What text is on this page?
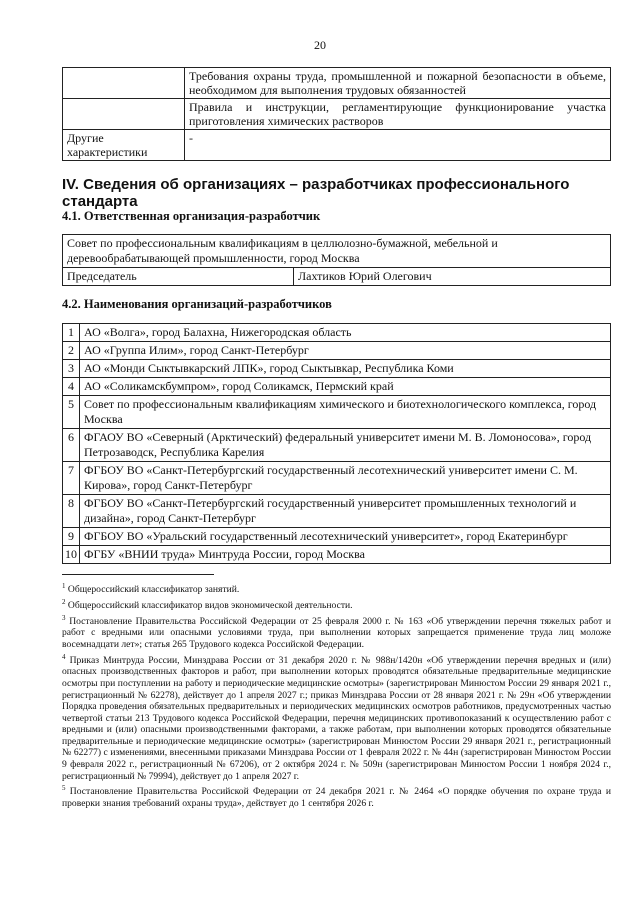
20
	Требования охраны труда, промышленной и пожарной безопасности в объеме, необходимом для выполнения трудовых обязанностей
	Правила и инструкции, регламентирующие функционирование участка приготовления химических растворов
Другие характеристики	-
IV. Сведения об организациях – разработчиках профессионального стандарта
4.1. Ответственная организация-разработчик
Совет по профессиональным квалификациям в целлюлозно-бумажной, мебельной и деревообрабатывающей промышленности, город Москва
Председатель	Лахтиков Юрий Олегович
4.2. Наименования организаций-разработчиков
1	АО «Волга», город Балахна, Нижегородская область
2	АО «Группа Илим», город Санкт-Петербург
3	АО «Монди Сыктывкарский ЛПК», город Сыктывкар, Республика Коми
4	АО «Соликамскбумпром», город Соликамск, Пермский край
5	Совет по профессиональным квалификациям химического и биотехнологического комплекса, город Москва
6	ФГАОУ ВО «Северный (Арктический) федеральный университет имени М. В. Ломоносова», город Петрозаводск, Республика Карелия
7	ФГБОУ ВО «Санкт-Петербургский государственный лесотехнический университет имени С. М. Кирова», город Санкт-Петербург
8	ФГБОУ ВО «Санкт-Петербургский государственный университет промышленных технологий и дизайна», город Санкт-Петербург
9	ФГБОУ ВО «Уральский государственный лесотехнический университет», город Екатеринбург
10	ФГБУ «ВНИИ труда» Минтруда России, город Москва

$^1$ Общероссийский классификатор занятий.

$^2$ Общероссийский классификатор видов экономической деятельности.

$^3$ Постановление Правительства Российской Федерации от 25 февраля 2000 г. № 163 «Об утверждении перечня тяжелых работ и работ с вредными или опасными условиями труда, при выполнении которых запрещается применение труда лиц моложе восемнадцати лет»; статья 265 Трудового кодекса Российской Федерации.

$^4$ Приказ Минтруда России, Минздрава России от 31 декабря 2020 г. № 988н/1420н «Об утверждении перечня вредных и (или) опасных производственных факторов и работ, при выполнении которых проводятся обязательные предварительные медицинские осмотры при поступлении на работу и периодические медицинские осмотры» (зарегистрирован Минюстом России 29 января 2021 г., регистрационный № 62278), действует до 1 апреля 2027 г.; приказ Минздрава России от 28 января 2021 г. № 29н «Об утверждении Порядка проведения обязательных предварительных и периодических медицинских осмотров работников, предусмотренных частью четвертой статьи 213 Трудового кодекса Российской Федерации, перечня медицинских противопоказаний к осуществлению работ с вредными и (или) опасными производственными факторами, а также работам, при выполнении которых проводятся обязательные предварительные и периодические медицинские осмотры» (зарегистрирован Минюстом России 29 января 2021 г., регистрационный № 62277) с изменениями, внесенными приказами Минздрава России от 1 февраля 2022 г. № 44н (зарегистрирован Минюстом России 9 февраля 2022 г., регистрационный № 67206), от 2 октября 2024 г. № 509н (зарегистрирован Минюстом России 1 ноября 2024 г., регистрационный № 79994), действует до 1 апреля 2027 г.

$^5$ Постановление Правительства Российской Федерации от 24 декабря 2021 г. № 2464 «О порядке обучения по охране труда и проверки знания требований охраны труда», действует до 1 сентября 2026 г.
